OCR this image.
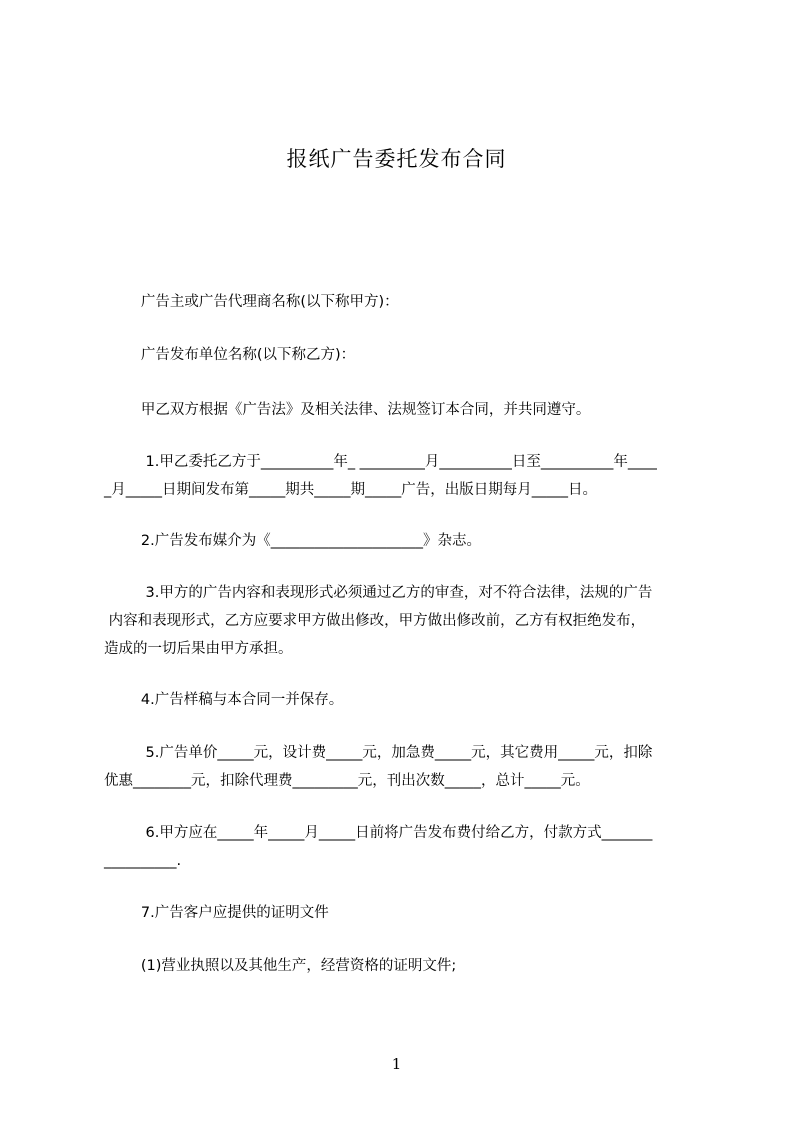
报纸广告委托发布合同
广告主或广告代理商名称(以下称甲方)：
广告发布单位名称(以下称乙方)：
甲乙双方根据《广告法》及相关法律、法规签订本合同，并共同遵守。
1.甲乙委托乙方于__________年_ _________月__________日至__________年____
_月_____日期间发布第_____期共_____期_____广告，出版日期每月_____日。
2.广告发布媒介为《_____________________》杂志。
3.甲方的广告内容和表现形式必须通过乙方的审查，对不符合法律，法规的广告
内容和表现形式，乙方应要求甲方做出修改，甲方做出修改前，乙方有权拒绝发布，
造成的一切后果由甲方承担。
4.广告样稿与本合同一并保存。
5.广告单价_____元，设计费_____元，加急费_____元，其它费用_____元，扣除
优惠________元，扣除代理费_________元，刊出次数_____，总计_____元。
6.甲方应在_____年_____月_____日前将广告发布费付给乙方，付款方式_______
__________.
7.广告客户应提供的证明文件
(1)营业执照以及其他生产，经营资格的证明文件;
1
